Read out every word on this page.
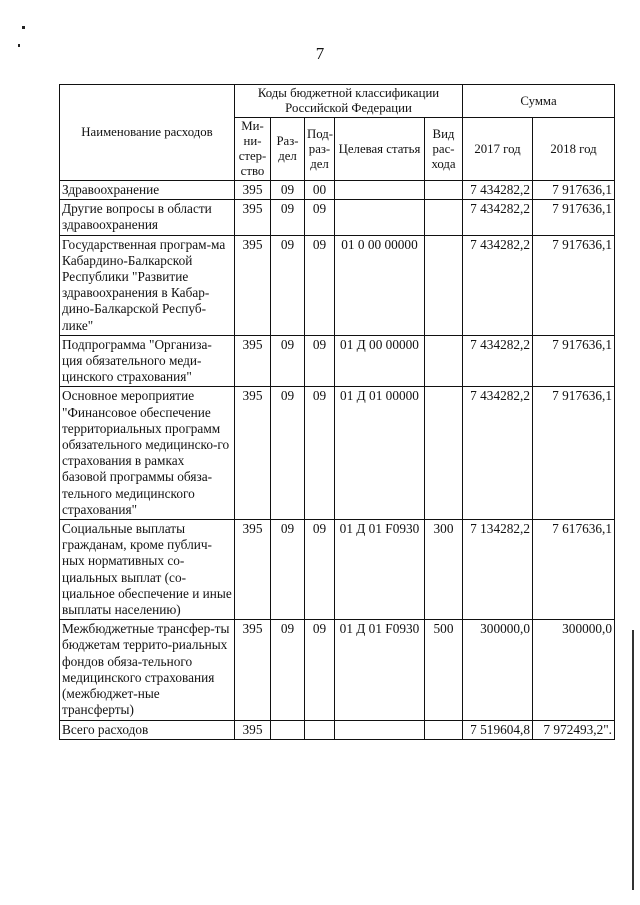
7
Наименование расходов	Коды бюджетной классификации Российской Федерации					Сумма	
	Ми-ни-стер-ство	Раз-дел	Под-раз-дел	Целевая статья	Вид рас-хода	2017 год	2018 год
Здравоохранение	395	09	00			7 434282,2	7 917636,1
Другие вопросы в области здравоохранения	395	09	09			7 434282,2	7 917636,1
Государственная програм-ма Кабардино-Балкарской Республики "Развитие здравоохранения в Кабар-дино-Балкарской Респуб-лике"	395	09	09	01 0 00 00000		7 434282,2	7 917636,1
Подпрограмма "Организа-ция обязательного меди-цинского страхования"	395	09	09	01 Д 00 00000		7 434282,2	7 917636,1
Основное мероприятие "Финансовое обеспечение территориальных программ обязательного медицинско-го страхования в рамках базовой программы обяза-тельного медицинского страхования"	395	09	09	01 Д 01 00000		7 434282,2	7 917636,1
Социальные выплаты гражданам, кроме публич-ных нормативных со-циальных выплат (со-циальное обеспечение и иные выплаты населению)	395	09	09	01 Д 01 F0930	300	7 134282,2	7 617636,1
Межбюджетные трансфер-ты бюджетам террито-риальных фондов обяза-тельного медицинского страхования (межбюджет-ные трансферты)	395	09	09	01 Д 01 F0930	500	300000,0	300000,0
Всего расходов	395					7 519604,8	7 972493,2".
